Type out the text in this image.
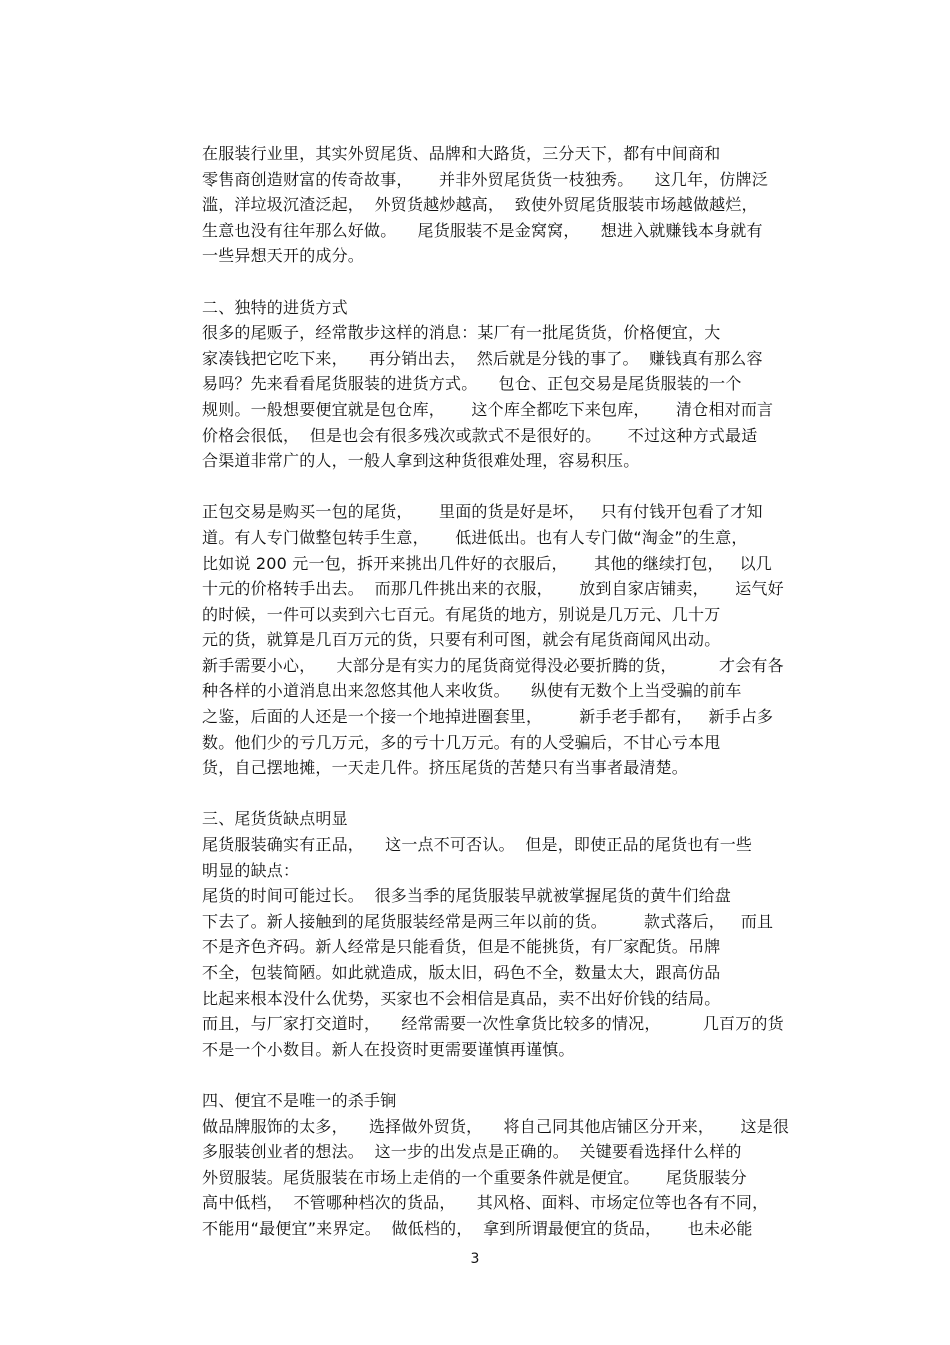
在服装行业里，其实外贸尾货、品牌和大路货，三分天下，都有中间商和
零售商创造财富的传奇故事，     并非外贸尾货货一枝独秀。    这几年，仿牌泛
滥，洋垃圾沉渣泛起，  外贸货越炒越高，  致使外贸尾货服装市场越做越烂，
生意也没有往年那么好做。    尾货服装不是金窝窝，    想进入就赚钱本身就有
一些异想天开的成分。
二、独特的进货方式
很多的尾贩子，经常散步这样的消息：某厂有一批尾货货，价格便宜，大
家凑钱把它吃下来，    再分销出去，  然后就是分钱的事了。  赚钱真有那么容
易吗？先来看看尾货服装的进货方式。    包仓、正包交易是尾货服装的一个
规则。一般想要便宜就是包仓库，     这个库全都吃下来包库，     清仓相对而言
价格会很低，  但是也会有很多残次或款式不是很好的。     不过这种方式最适
合渠道非常广的人，一般人拿到这种货很难处理，容易积压。
正包交易是购买一包的尾货，     里面的货是好是坏，   只有付钱开包看了才知
道。有人专门做整包转手生意，     低进低出。也有人专门做“淘金”的生意，
比如说 200 元一包，拆开来挑出几件好的衣服后，     其他的继续打包，   以几
十元的价格转手出去。  而那几件挑出来的衣服，     放到自家店铺卖，     运气好
的时候，一件可以卖到六七百元。有尾货的地方，别说是几万元、几十万
元的货，就算是几百万元的货，只要有利可图，就会有尾货商闻风出动。
新手需要小心，    大部分是有实力的尾货商觉得没必要折腾的货，        才会有各
种各样的小道消息出来忽悠其他人来收货。    纵使有无数个上当受骗的前车
之鉴，后面的人还是一个接一个地掉进圈套里，       新手老手都有，   新手占多
数。他们少的亏几万元，多的亏十几万元。有的人受骗后，不甘心亏本甩
货，自己摆地摊，一天走几件。挤压尾货的苦楚只有当事者最清楚。
三、尾货货缺点明显
尾货服装确实有正品，    这一点不可否认。  但是，即使正品的尾货也有一些
明显的缺点：
尾货的时间可能过长。  很多当季的尾货服装早就被掌握尾货的黄牛们给盘
下去了。新人接触到的尾货服装经常是两三年以前的货。       款式落后，   而且
不是齐色齐码。新人经常是只能看货，但是不能挑货，有厂家配货。吊牌
不全，包装简陋。如此就造成，版太旧，码色不全，数量太大，跟高仿品
比起来根本没什么优势，买家也不会相信是真品，卖不出好价钱的结局。
而且，与厂家打交道时，    经常需要一次性拿货比较多的情况，        几百万的货
不是一个小数目。新人在投资时更需要谨慎再谨慎。
四、便宜不是唯一的杀手锏
做品牌服饰的太多，    选择做外贸货，    将自己同其他店铺区分开来，     这是很
多服装创业者的想法。  这一步的出发点是正确的。  关键要看选择什么样的
外贸服装。尾货服装在市场上走俏的一个重要条件就是便宜。     尾货服装分
高中低档，  不管哪种档次的货品，    其风格、面料、市场定位等也各有不同，
不能用“最便宜”来界定。  做低档的，  拿到所谓最便宜的货品，     也未必能
3
